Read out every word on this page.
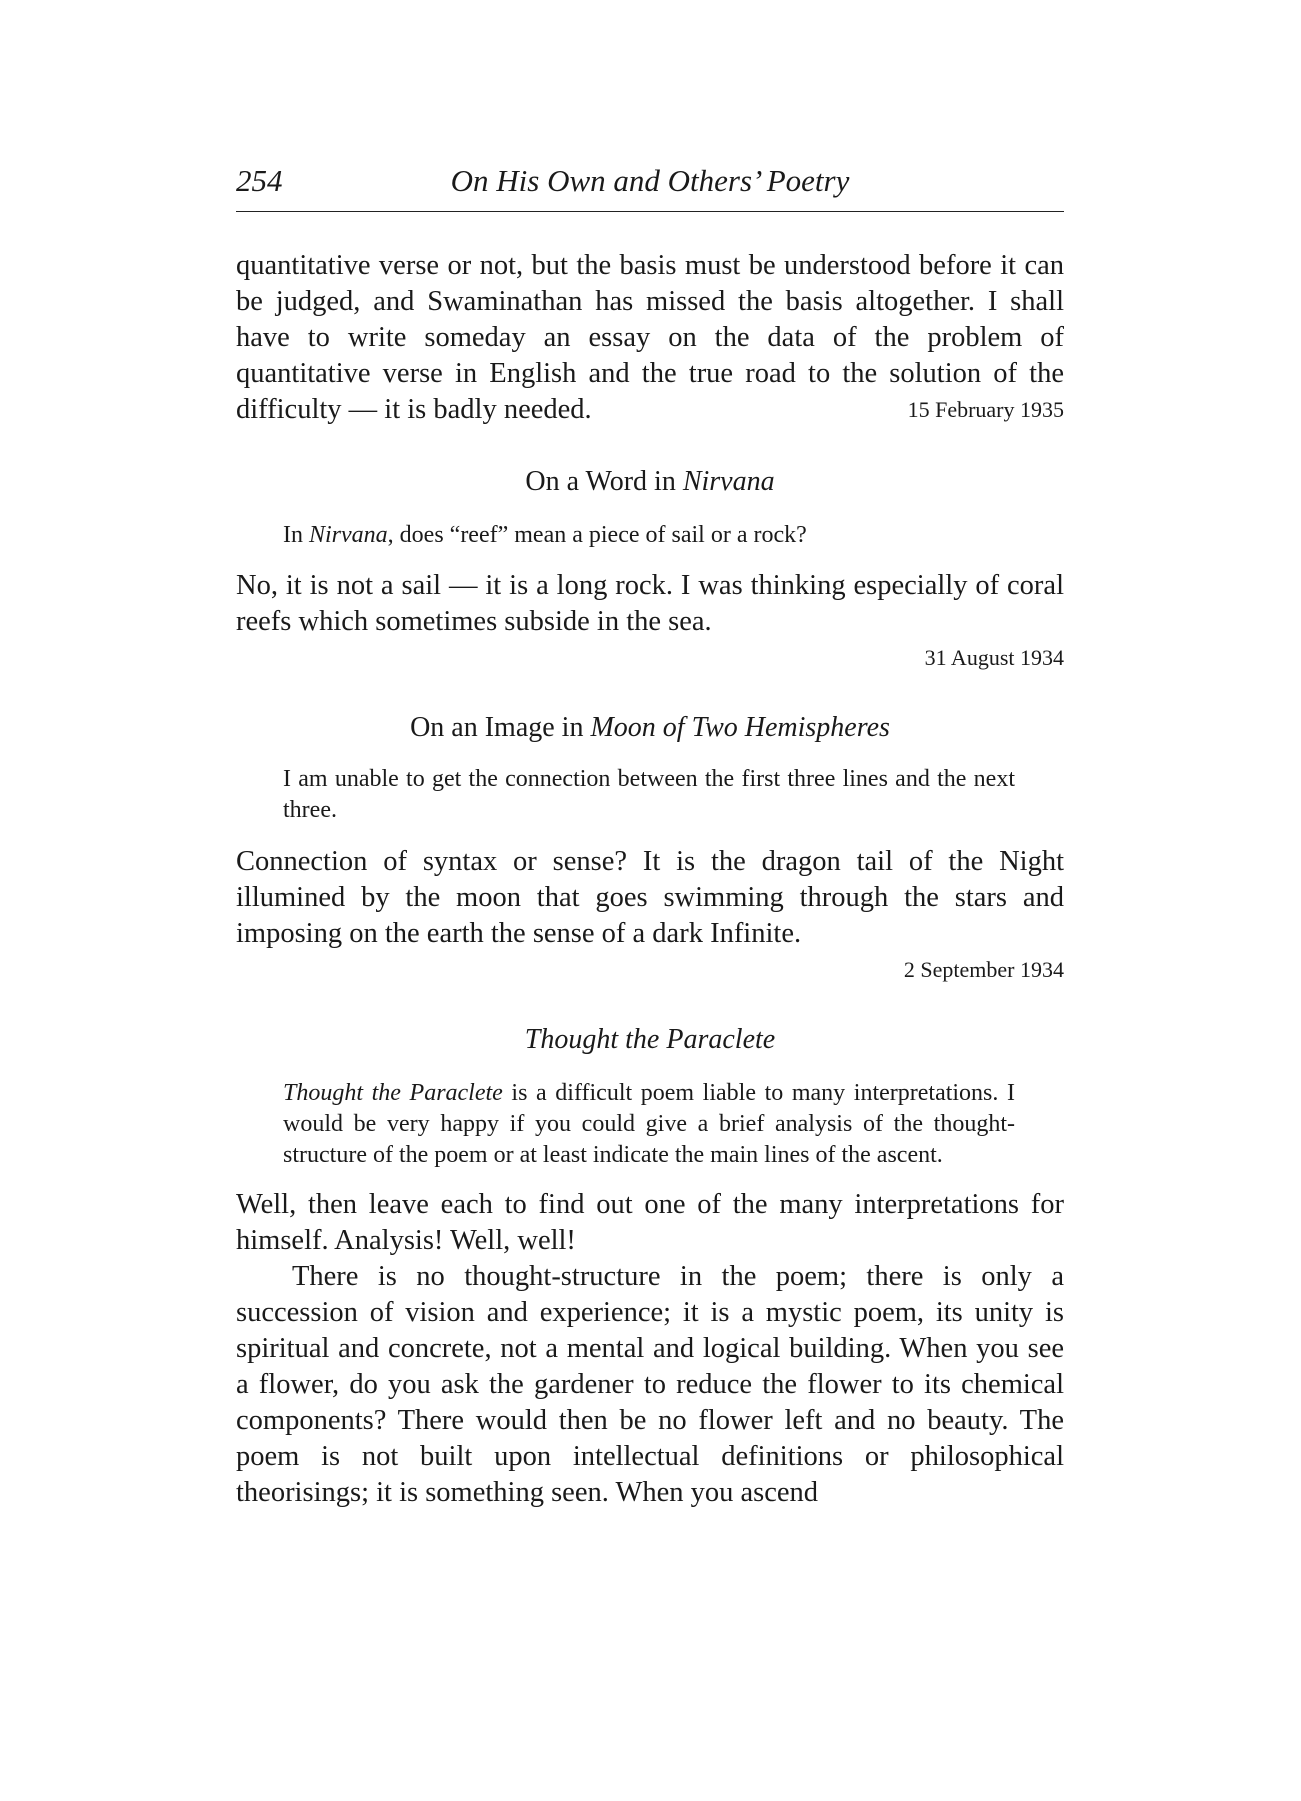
254	On His Own and Others’ Poetry

quantitative verse or not, but the basis must be understood before it can be judged, and Swaminathan has missed the basis altogether. I shall have to write someday an essay on the data of the problem of quantitative verse in English and the true road to the solution of the difficulty — it is badly needed.	15 February 1935

On a Word in Nirvana

In Nirvana, does “reef” mean a piece of sail or a rock?

No, it is not a sail — it is a long rock. I was thinking especially of coral reefs which sometimes subside in the sea.

31 August 1934

On an Image in Moon of Two Hemispheres

I am unable to get the connection between the first three lines and the next three.

Connection of syntax or sense? It is the dragon tail of the Night illumined by the moon that goes swimming through the stars and imposing on the earth the sense of a dark Infinite.

2 September 1934

Thought the Paraclete

Thought the Paraclete is a difficult poem liable to many interpretations. I would be very happy if you could give a brief analysis of the thought-structure of the poem or at least indicate the main lines of the ascent.

Well, then leave each to find out one of the many interpretations for himself. Analysis! Well, well!

There is no thought-structure in the poem; there is only a succession of vision and experience; it is a mystic poem, its unity is spiritual and concrete, not a mental and logical building. When you see a flower, do you ask the gardener to reduce the flower to its chemical components? There would then be no flower left and no beauty. The poem is not built upon intellectual definitions or philosophical theorisings; it is something seen. When you ascend
